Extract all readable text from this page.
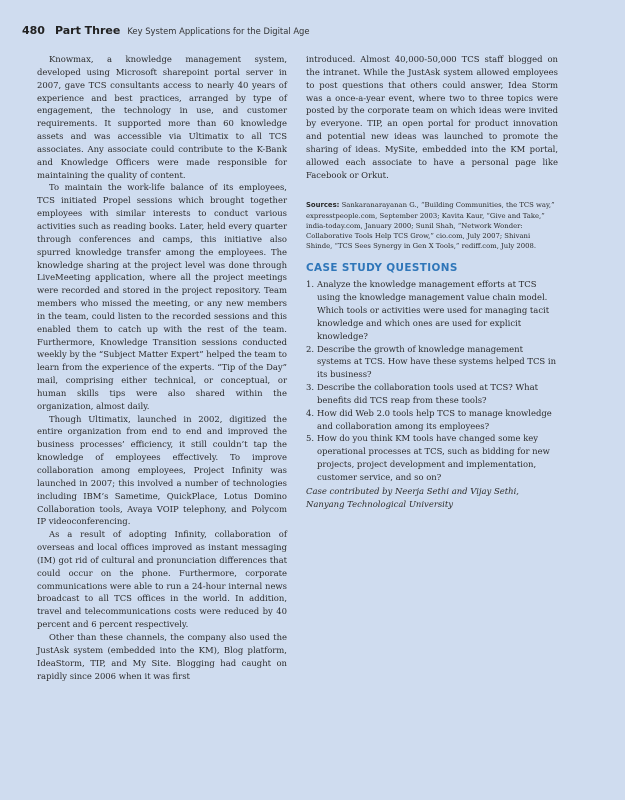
480 Part Three Key System Applications for the Digital Age

Knowmax, a knowledge management system, developed using Microsoft sharepoint portal server in 2007, gave TCS consultants access to nearly 40 years of experience and best practices, arranged by type of engagement, the technology in use, and customer requirements. It supported more than 60 knowledge assets and was accessible via Ultimatix to all TCS associates. Any associate could contribute to the K-Bank and Knowledge Officers were made responsible for maintaining the quality of content.

To maintain the work-life balance of its employees, TCS initiated Propel sessions which brought together employees with similar interests to conduct various activities such as reading books. Later, held every quarter through conferences and camps, this initiative also spurred knowledge transfer among the employees. The knowledge sharing at the project level was done through LiveMeeting application, where all the project meetings were recorded and stored in the project repository. Team members who missed the meeting, or any new members in the team, could listen to the recorded sessions and this enabled them to catch up with the rest of the team. Furthermore, Knowledge Transition sessions conducted weekly by the “Subject Matter Expert” helped the team to learn from the experience of the experts. “Tip of the Day” mail, comprising either technical, or conceptual, or human skills tips were also shared within the organization, almost daily.

Though Ultimatix, launched in 2002, digitized the entire organization from end to end and improved the business processes’ efficiency, it still couldn’t tap the knowledge of employees effectively. To improve collaboration among employees, Project Infinity was launched in 2007; this involved a number of technologies including IBM’s Sametime, QuickPlace, Lotus Domino Collaboration tools, Avaya VOIP telephony, and Polycom IP videoconferencing.

As a result of adopting Infinity, collaboration of overseas and local offices improved as instant messaging (IM) got rid of cultural and pronunciation differences that could occur on the phone. Furthermore, corporate communications were able to run a 24-hour internal news broadcast to all TCS offices in the world. In addition, travel and telecommunications costs were reduced by 40 percent and 6 percent respectively.

Other than these channels, the company also used the JustAsk system (embedded into the KM), Blog platform, IdeaStorm, TIP, and My Site. Blogging had caught on rapidly since 2006 when it was first

introduced. Almost 40,000-50,000 TCS staff blogged on the intranet. While the JustAsk system allowed employees to post questions that others could answer, Idea Storm was a once-a-year event, where two to three topics were posted by the corporate team on which ideas were invited by everyone. TIP, an open portal for product innovation and potential new ideas was launched to promote the sharing of ideas. MySite, embedded into the KM portal, allowed each associate to have a personal page like Facebook or Orkut.

Sources: Sankaranarayanan G., “Building Communities, the TCS way,” expresstpeople.com, September 2003; Kavita Kaur, “Give and Take,” india-today.com, January 2000; Sunil Shah, “Network Wonder: Collaborative Tools Help TCS Grow,” cio.com, July 2007; Shivani Shinde, “TCS Sees Synergy in Gen X Tools,” rediff.com, July 2008.

CASE STUDY QUESTIONS
1. Analyze the knowledge management efforts at TCS using the knowledge management value chain model. Which tools or activities were used for managing tacit knowledge and which ones are used for explicit knowledge?
2. Describe the growth of knowledge management systems at TCS. How have these systems helped TCS in its business?
3. Describe the collaboration tools used at TCS? What benefits did TCS reap from these tools?
4. How did Web 2.0 tools help TCS to manage knowledge and collaboration among its employees?
5. How do you think KM tools have changed some key operational processes at TCS, such as bidding for new projects, project development and implementation, customer service, and so on?

Case contributed by Neerja Sethi and Vijay Sethi, Nanyang Technological University
